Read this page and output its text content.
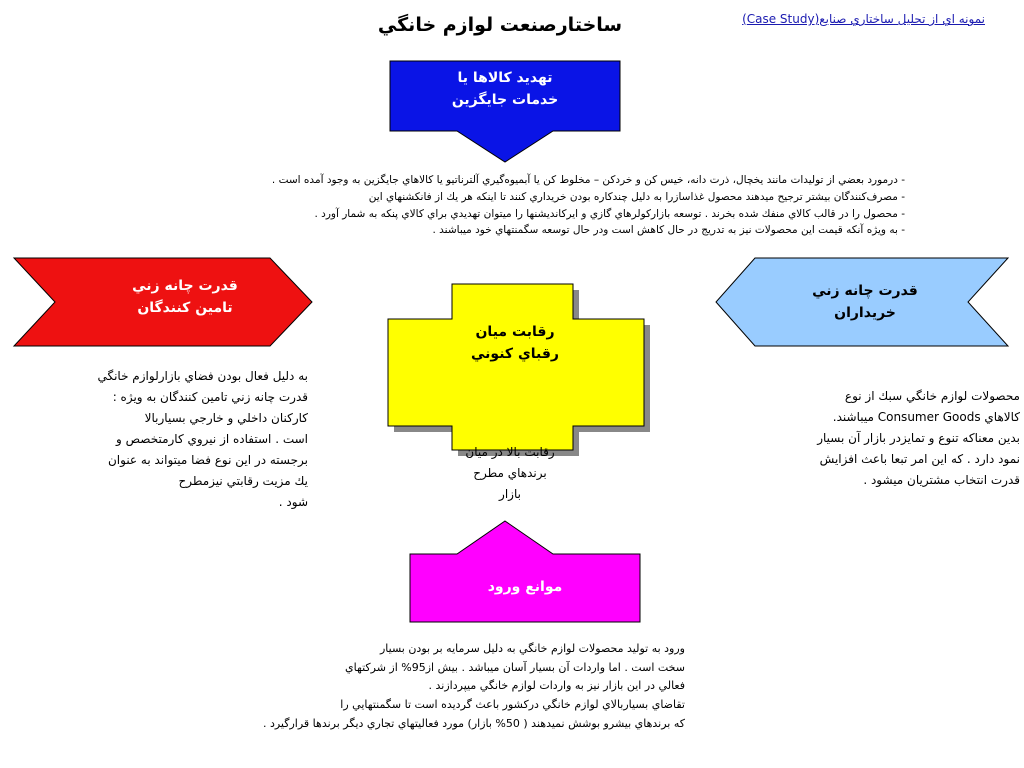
نمونه اي از تحليل ساختاري صنايع(Case Study)
ساختارصنعت لوازم خانگي
تهديد كالاها يا
خدمات جايگزين
قدرت چانه زني
تامين كنندگان
قدرت چانه زني
خريداران
رقابت ميان
رقباي كنوني
موانع ورود
- درمورد بعضي از توليدات مانند يخچال، ذرت دانه، خيس ‌کن و خردكن – مخلوط كن يا آبميوه‌گيري آلترناتيو يا كالاهاي جايگزين به وجود آمده است .
- مصرف‌كنندگان بيشتر ترجيح ميدهند محصول غذاسازرا به دليل چندكاره بودن خريداري كنند تا اينكه هر يك از فانكشنهاي اين
- محصول را در قالب كالاي منفك شده بخرند . توسعه بازاركولرهاي گازي و ايركانديشنها را ميتوان تهديدي براي كالاي پنكه به شمار آورد .
- به ويژه آنكه قيمت اين محصولات نيز به تدريج در حال كاهش است ودر حال توسعه سگمنتهاي خود ميباشند .
به دليل فعال بودن فضاي بازارلوازم خانگي
قدرت چانه زني تامين كنندگان به ويژه :
كاركنان داخلي و خارجي بسياربالا
است . استفاده از نيروي كارمتخصص و
برجسته در اين نوع فضا ميتواند به عنوان
يك مزيت رقابتي نيزمطرح
شود .
محصولات لوازم خانگي سبك از نوع
كالاهاي Consumer Goods ميباشند.
بدين معناكه تنوع و تمايزدر بازار آن بسيار
نمود دارد . كه اين امر تبعا باعث افزايش
قدرت انتخاب مشتريان ميشود .
رقابت بالا در ميان
برندهاي مطرح
بازار
ورود به توليد محصولات لوازم خانگي به دليل سرمايه بر بودن بسيار
سخت است . اما واردات آن بسيار آسان ميباشد . بيش از95% از شركتهاي
فعالي در اين بازار نيز به واردات لوازم خانگي ميپردازند .
تقاضاي بسياربالاي لوازم خانگي دركشور باعث گرديده است تا سگمنتهايي را
كه برندهاي بيشرو بوشش نميدهند ( 50% بازار) مورد فعاليتهاي تجاري ديگر برندها قرارگيرد .
